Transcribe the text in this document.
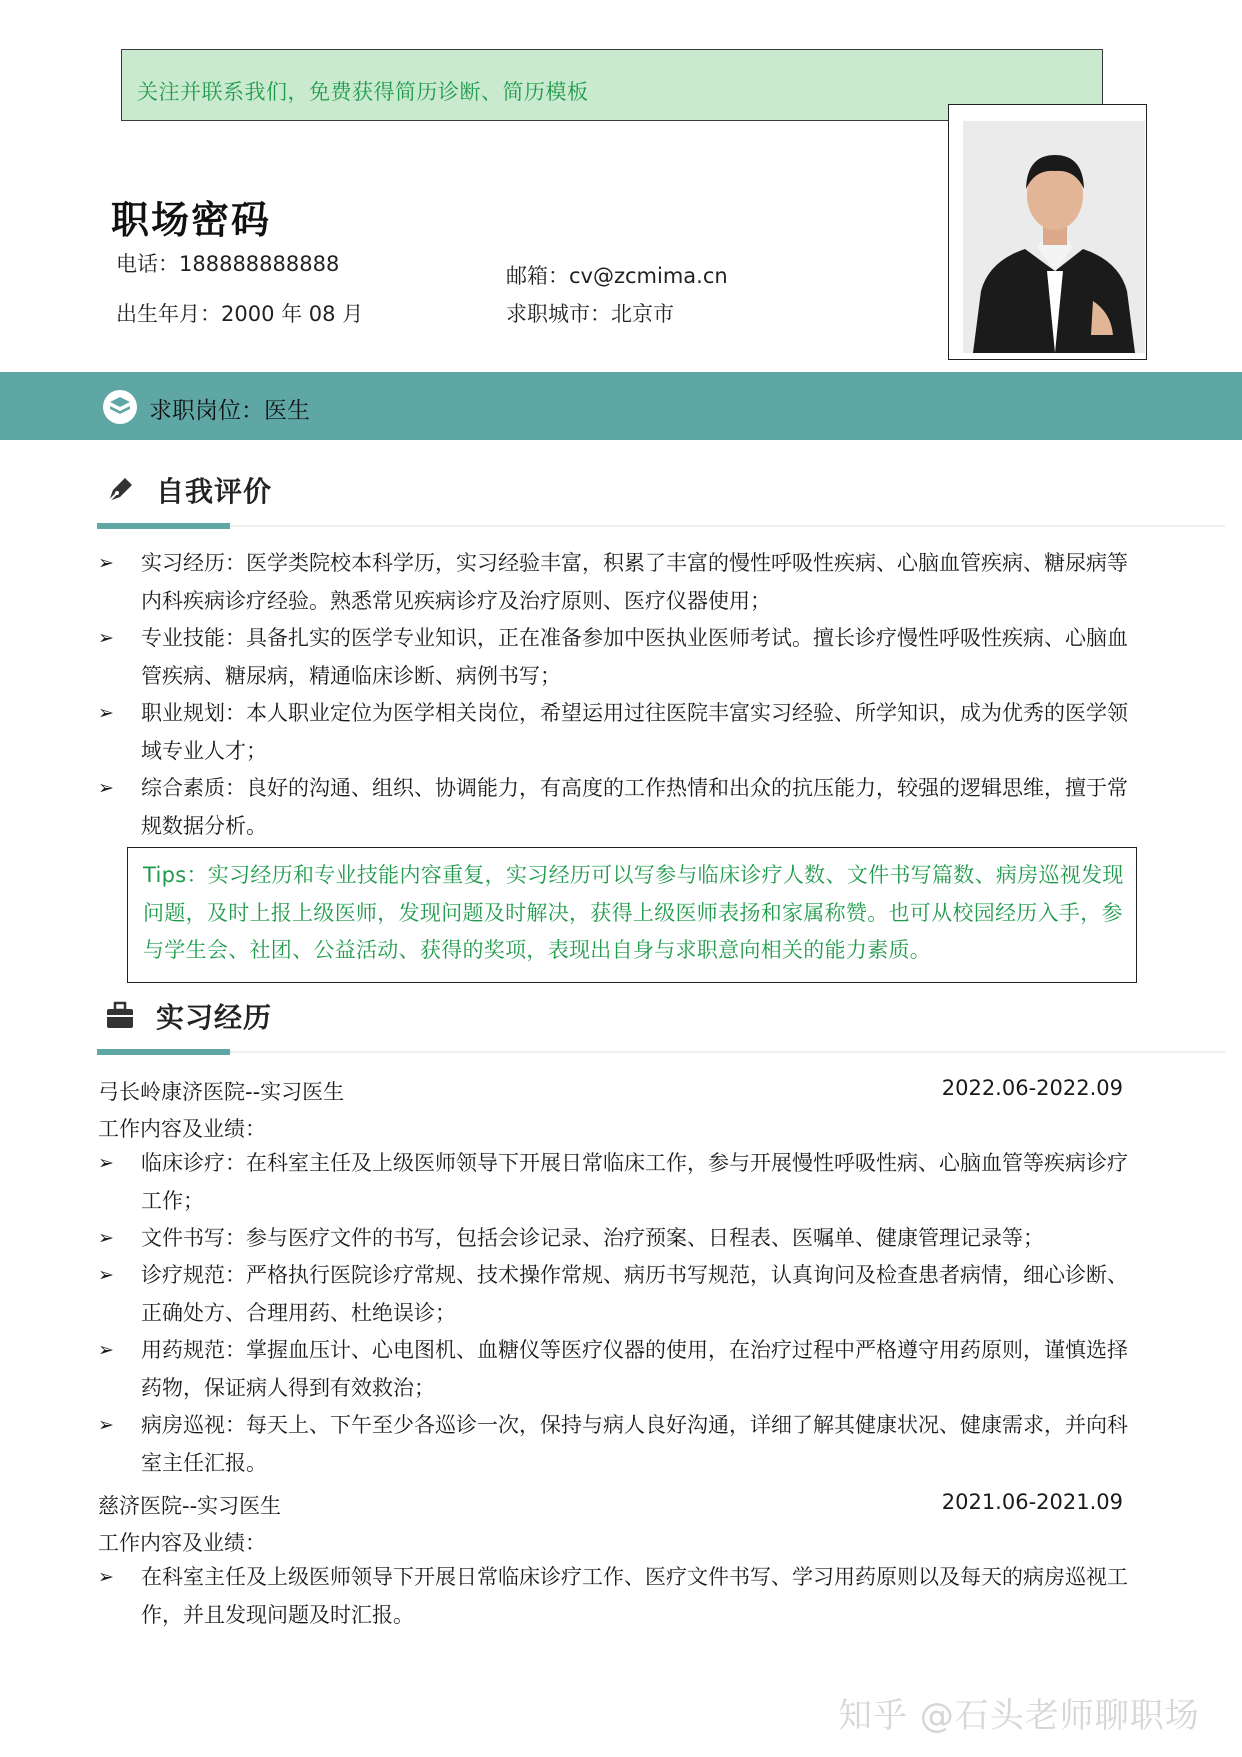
关注并联系我们，免费获得简历诊断、简历模板
职场密码
电话：188888888888	邮箱：cv@zcmima.cn
出生年月：2000 年 08 月	求职城市：北京市
求职岗位：医生
自我评价
➢	实习经历：医学类院校本科学历，实习经验丰富，积累了丰富的慢性呼吸性疾病、心脑血管疾病、糖尿病等内科疾病诊疗经验。熟悉常见疾病诊疗及治疗原则、医疗仪器使用；
➢	专业技能：具备扎实的医学专业知识，正在准备参加中医执业医师考试。擅长诊疗慢性呼吸性疾病、心脑血管疾病、糖尿病，精通临床诊断、病例书写；
➢	职业规划：本人职业定位为医学相关岗位，希望运用过往医院丰富实习经验、所学知识，成为优秀的医学领域专业人才；
➢	综合素质：良好的沟通、组织、协调能力，有高度的工作热情和出众的抗压能力，较强的逻辑思维，擅于常规数据分析。
Tips：实习经历和专业技能内容重复，实习经历可以写参与临床诊疗人数、文件书写篇数、病房巡视发现问题，及时上报上级医师，发现问题及时解决，获得上级医师表扬和家属称赞。也可从校园经历入手，参与学生会、社团、公益活动、获得的奖项，表现出自身与求职意向相关的能力素质。
实习经历
弓长岭康济医院--实习医生	2022.06-2022.09
工作内容及业绩：
➢	临床诊疗：在科室主任及上级医师领导下开展日常临床工作，参与开展慢性呼吸性病、心脑血管等疾病诊疗工作；
➢	文件书写：参与医疗文件的书写，包括会诊记录、治疗预案、日程表、医嘱单、健康管理记录等；
➢	诊疗规范：严格执行医院诊疗常规、技术操作常规、病历书写规范，认真询问及检查患者病情，细心诊断、正确处方、合理用药、杜绝误诊；
➢	用药规范：掌握血压计、心电图机、血糖仪等医疗仪器的使用，在治疗过程中严格遵守用药原则，谨慎选择药物，保证病人得到有效救治；
➢	病房巡视：每天上、下午至少各巡诊一次，保持与病人良好沟通，详细了解其健康状况、健康需求，并向科室主任汇报。
慈济医院--实习医生	2021.06-2021.09
工作内容及业绩：
➢	在科室主任及上级医师领导下开展日常临床诊疗工作、医疗文件书写、学习用药原则以及每天的病房巡视工作，并且发现问题及时汇报。
知乎 @石头老师聊职场
